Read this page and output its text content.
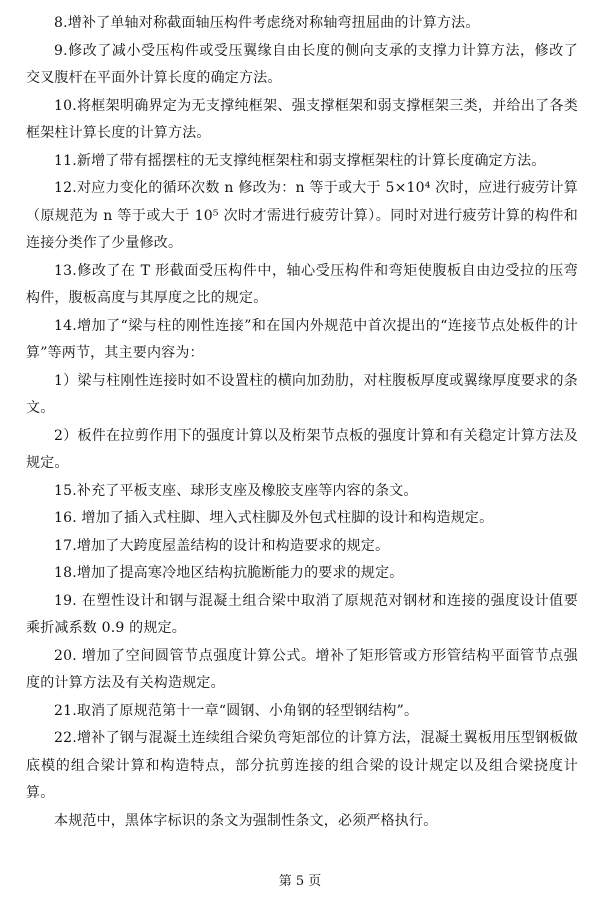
8.增补了单轴对称截面轴压构件考虑绕对称轴弯扭屈曲的计算方法。

9.修改了减小受压构件或受压翼缘自由长度的侧向支承的支撑力计算方法，修改了交叉腹杆在平面外计算长度的确定方法。

10.将框架明确界定为无支撑纯框架、强支撑框架和弱支撑框架三类，并给出了各类框架柱计算长度的计算方法。

11.新增了带有摇摆柱的无支撑纯框架柱和弱支撑框架柱的计算长度确定方法。

12.对应力变化的循环次数 n 修改为：n 等于或大于 5×10⁴ 次时，应进行疲劳计算（原规范为 n 等于或大于 10⁵ 次时才需进行疲劳计算）。同时对进行疲劳计算的构件和连接分类作了少量修改。

13.修改了在 T 形截面受压构件中，轴心受压构件和弯矩使腹板自由边受拉的压弯构件，腹板高度与其厚度之比的规定。

14.增加了“梁与柱的刚性连接”和在国内外规范中首次提出的“连接节点处板件的计算”等两节，其主要内容为：

1）梁与柱刚性连接时如不设置柱的横向加劲肋，对柱腹板厚度或翼缘厚度要求的条文。

2）板件在拉剪作用下的强度计算以及桁架节点板的强度计算和有关稳定计算方法及规定。

15.补充了平板支座、球形支座及橡胶支座等内容的条文。

16. 增加了插入式柱脚、埋入式柱脚及外包式柱脚的设计和构造规定。

17.增加了大跨度屋盖结构的设计和构造要求的规定。

18.增加了提高寒冷地区结构抗脆断能力的要求的规定。

19. 在塑性设计和钢与混凝土组合梁中取消了原规范对钢材和连接的强度设计值要乘折减系数 0.9 的规定。

20. 增加了空间圆管节点强度计算公式。增补了矩形管或方形管结构平面管节点强度的计算方法及有关构造规定。

21.取消了原规范第十一章“圆钢、小角钢的轻型钢结构”。

22.增补了钢与混凝土连续组合梁负弯矩部位的计算方法，混凝土翼板用压型钢板做底模的组合梁计算和构造特点，部分抗剪连接的组合梁的设计规定以及组合梁挠度计算。

本规范中，黑体字标识的条文为强制性条文，必须严格执行。

第 5 页
